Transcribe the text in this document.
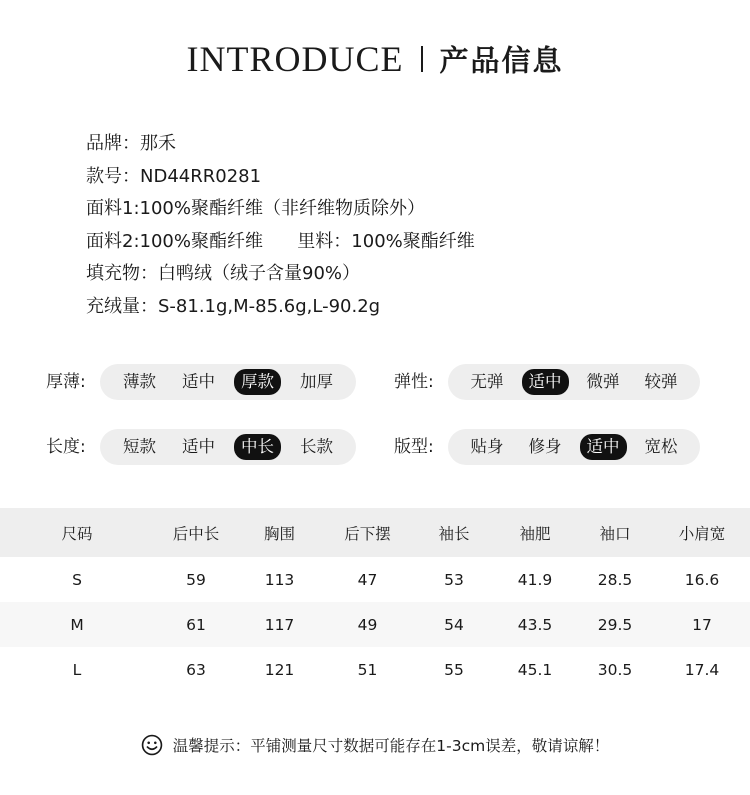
INTRODUCE 产品信息
品牌：那禾
款号：ND44RR0281
面料1:100%聚酯纤维（非纤维物质除外）
面料2:100%聚酯纤维      里料：100%聚酯纤维
填充物：白鸭绒（绒子含量90%）
充绒量：S-81.1g,M-85.6g,L-90.2g
厚薄:	薄款	适中	厚款	加厚	弹性:	无弹	适中	微弹	较弹
长度:	短款	适中	中长	长款	版型:	贴身	修身	适中	宽松
尺码	后中长	胸围	后下摆	袖长	袖肥	袖口	小肩宽
S	59	113	47	53	41.9	28.5	16.6
M	61	117	49	54	43.5	29.5	17
L	63	121	51	55	45.1	30.5	17.4
温馨提示：平铺测量尺寸数据可能存在1-3cm误差，敬请谅解！
